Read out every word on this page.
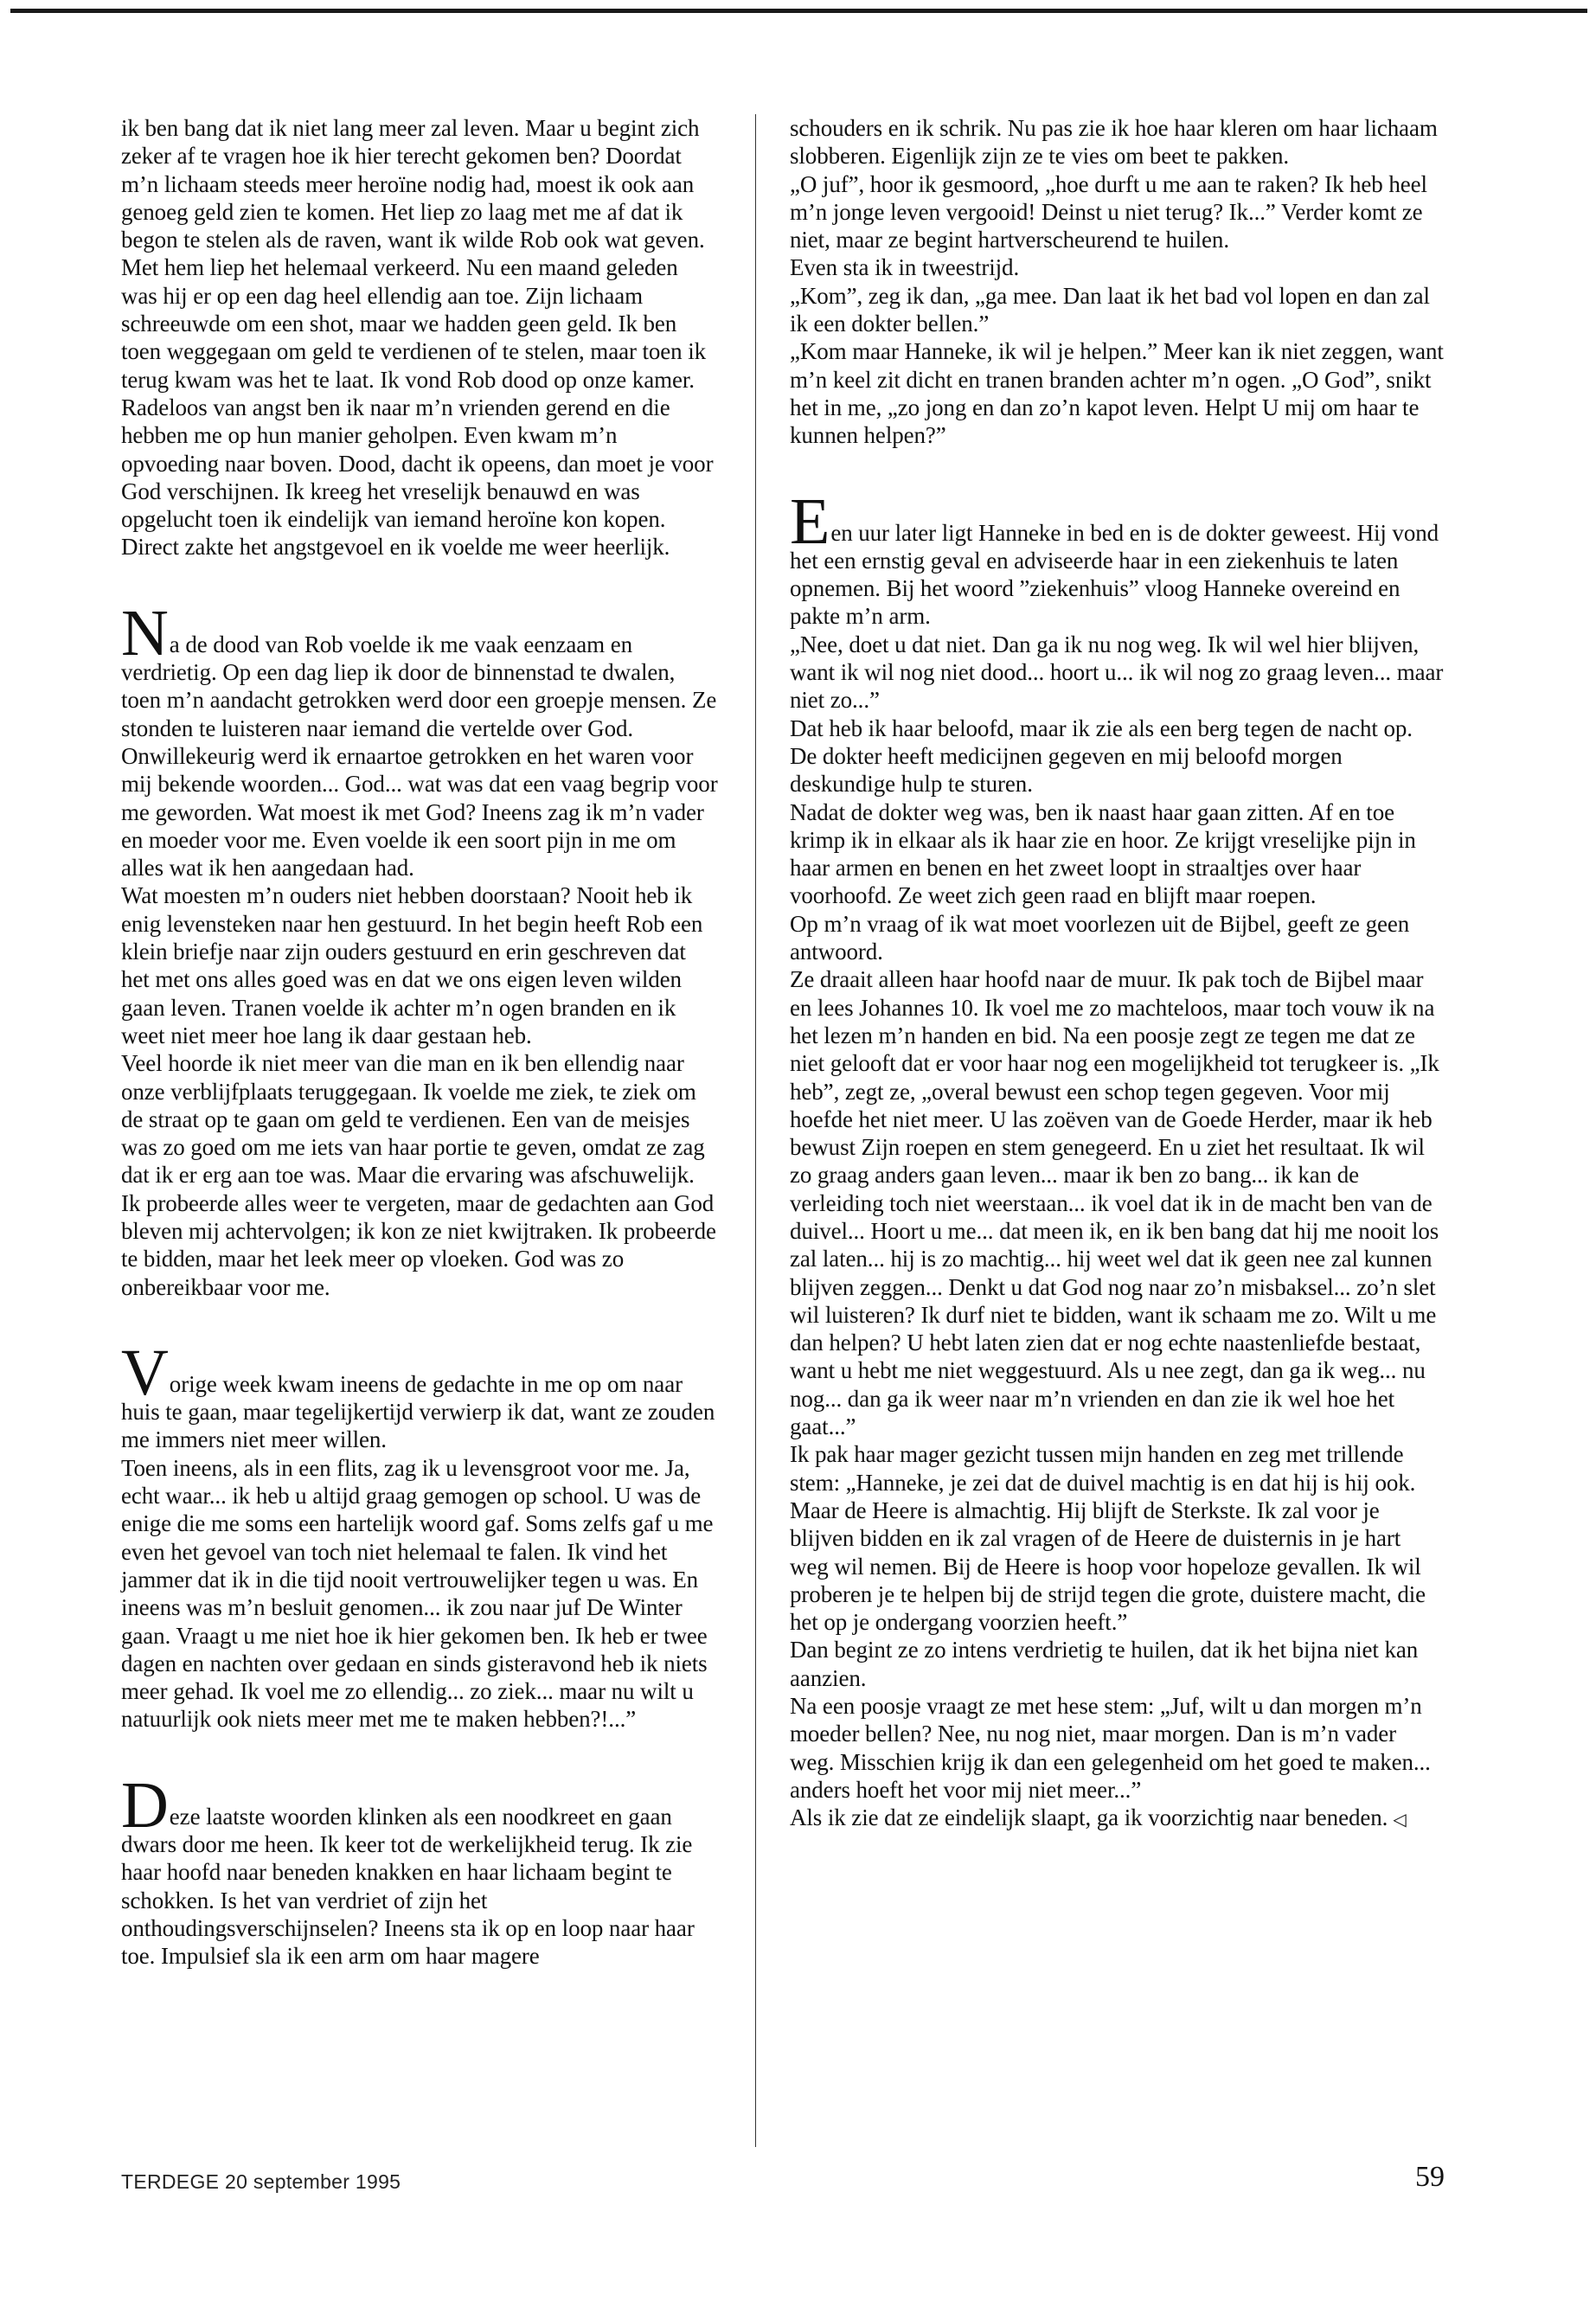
ik ben bang dat ik niet lang meer zal leven. Maar u begint zich zeker af te vragen hoe ik hier terecht gekomen ben? Doordat m’n lichaam steeds meer heroïne nodig had, moest ik ook aan genoeg geld zien te komen. Het liep zo laag met me af dat ik begon te stelen als de raven, want ik wilde Rob ook wat geven. Met hem liep het helemaal verkeerd. Nu een maand geleden was hij er op een dag heel ellendig aan toe. Zijn lichaam schreeuwde om een shot, maar we hadden geen geld. Ik ben toen weggegaan om geld te verdienen of te stelen, maar toen ik terug kwam was het te laat. Ik vond Rob dood op onze kamer. Radeloos van angst ben ik naar m’n vrienden gerend en die hebben me op hun manier geholpen. Even kwam m’n opvoeding naar boven. Dood, dacht ik opeens, dan moet je voor God verschijnen. Ik kreeg het vreselijk benauwd en was opgelucht toen ik eindelijk van iemand heroïne kon kopen. Direct zakte het angstgevoel en ik voelde me weer heerlijk.

Na de dood van Rob voelde ik me vaak eenzaam en verdrietig. Op een dag liep ik door de binnenstad te dwalen, toen m’n aandacht getrokken werd door een groepje mensen. Ze stonden te luisteren naar iemand die vertelde over God. Onwillekeurig werd ik ernaartoe getrokken en het waren voor mij bekende woorden... God... wat was dat een vaag begrip voor me geworden. Wat moest ik met God? Ineens zag ik m’n vader en moeder voor me. Even voelde ik een soort pijn in me om alles wat ik hen aangedaan had.

Wat moesten m’n ouders niet hebben doorstaan? Nooit heb ik enig levensteken naar hen gestuurd. In het begin heeft Rob een klein briefje naar zijn ouders gestuurd en erin geschreven dat het met ons alles goed was en dat we ons eigen leven wilden gaan leven. Tranen voelde ik achter m’n ogen branden en ik weet niet meer hoe lang ik daar gestaan heb.

Veel hoorde ik niet meer van die man en ik ben ellendig naar onze verblijfplaats teruggegaan. Ik voelde me ziek, te ziek om de straat op te gaan om geld te verdienen. Een van de meisjes was zo goed om me iets van haar portie te geven, omdat ze zag dat ik er erg aan toe was. Maar die ervaring was afschuwelijk. Ik probeerde alles weer te vergeten, maar de gedachten aan God bleven mij achtervolgen; ik kon ze niet kwijtraken. Ik probeerde te bidden, maar het leek meer op vloeken. God was zo onbereikbaar voor me.

Vorige week kwam ineens de gedachte in me op om naar huis te gaan, maar tegelijkertijd verwierp ik dat, want ze zouden me immers niet meer willen.

Toen ineens, als in een flits, zag ik u levensgroot voor me. Ja, echt waar... ik heb u altijd graag gemogen op school. U was de enige die me soms een hartelijk woord gaf. Soms zelfs gaf u me even het gevoel van toch niet helemaal te falen. Ik vind het jammer dat ik in die tijd nooit vertrouwelijker tegen u was. En ineens was m’n besluit genomen... ik zou naar juf De Winter gaan. Vraagt u me niet hoe ik hier gekomen ben. Ik heb er twee dagen en nachten over gedaan en sinds gisteravond heb ik niets meer gehad. Ik voel me zo ellendig... zo ziek... maar nu wilt u natuurlijk ook niets meer met me te maken hebben?!...”

Deze laatste woorden klinken als een noodkreet en gaan dwars door me heen. Ik keer tot de werkelijkheid terug. Ik zie haar hoofd naar beneden knakken en haar lichaam begint te schokken. Is het van verdriet of zijn het onthoudingsverschijnselen? Ineens sta ik op en loop naar haar toe. Impulsief sla ik een arm om haar magere

schouders en ik schrik. Nu pas zie ik hoe haar kleren om haar lichaam slobberen. Eigenlijk zijn ze te vies om beet te pakken.

„O juf”, hoor ik gesmoord, „hoe durft u me aan te raken? Ik heb heel m’n jonge leven vergooid! Deinst u niet terug? Ik...” Verder komt ze niet, maar ze begint hartverscheurend te huilen.

Even sta ik in tweestrijd.

„Kom”, zeg ik dan, „ga mee. Dan laat ik het bad vol lopen en dan zal ik een dokter bellen.”

„Kom maar Hanneke, ik wil je helpen.” Meer kan ik niet zeggen, want m’n keel zit dicht en tranen branden achter m’n ogen. „O God”, snikt het in me, „zo jong en dan zo’n kapot leven. Helpt U mij om haar te kunnen helpen?”

Een uur later ligt Hanneke in bed en is de dokter geweest. Hij vond het een ernstig geval en adviseerde haar in een ziekenhuis te laten opnemen. Bij het woord ”ziekenhuis” vloog Hanneke overeind en pakte m’n arm.

„Nee, doet u dat niet. Dan ga ik nu nog weg. Ik wil wel hier blijven, want ik wil nog niet dood... hoort u... ik wil nog zo graag leven... maar niet zo...”

Dat heb ik haar beloofd, maar ik zie als een berg tegen de nacht op. De dokter heeft medicijnen gegeven en mij beloofd morgen deskundige hulp te sturen.

Nadat de dokter weg was, ben ik naast haar gaan zitten. Af en toe krimp ik in elkaar als ik haar zie en hoor. Ze krijgt vreselijke pijn in haar armen en benen en het zweet loopt in straaltjes over haar voorhoofd. Ze weet zich geen raad en blijft maar roepen.

Op m’n vraag of ik wat moet voorlezen uit de Bijbel, geeft ze geen antwoord.

Ze draait alleen haar hoofd naar de muur. Ik pak toch de Bijbel maar en lees Johannes 10. Ik voel me zo machteloos, maar toch vouw ik na het lezen m’n handen en bid. Na een poosje zegt ze tegen me dat ze niet gelooft dat er voor haar nog een mogelijkheid tot terugkeer is. „Ik heb”, zegt ze, „overal bewust een schop tegen gegeven. Voor mij hoefde het niet meer. U las zoëven van de Goede Herder, maar ik heb bewust Zijn roepen en stem genegeerd. En u ziet het resultaat. Ik wil zo graag anders gaan leven... maar ik ben zo bang... ik kan de verleiding toch niet weerstaan... ik voel dat ik in de macht ben van de duivel... Hoort u me... dat meen ik, en ik ben bang dat hij me nooit los zal laten... hij is zo machtig... hij weet wel dat ik geen nee zal kunnen blijven zeggen... Denkt u dat God nog naar zo’n misbaksel... zo’n slet wil luisteren? Ik durf niet te bidden, want ik schaam me zo. Wilt u me dan helpen? U hebt laten zien dat er nog echte naastenliefde bestaat, want u hebt me niet weggestuurd. Als u nee zegt, dan ga ik weg... nu nog... dan ga ik weer naar m’n vrienden en dan zie ik wel hoe het gaat...”

Ik pak haar mager gezicht tussen mijn handen en zeg met trillende stem: „Hanneke, je zei dat de duivel machtig is en dat hij is hij ook. Maar de Heere is almachtig. Hij blijft de Sterkste. Ik zal voor je blijven bidden en ik zal vragen of de Heere de duisternis in je hart weg wil nemen. Bij de Heere is hoop voor hopeloze gevallen. Ik wil proberen je te helpen bij de strijd tegen die grote, duistere macht, die het op je ondergang voorzien heeft.”

Dan begint ze zo intens verdrietig te huilen, dat ik het bijna niet kan aanzien.

Na een poosje vraagt ze met hese stem: „Juf, wilt u dan morgen m’n moeder bellen? Nee, nu nog niet, maar morgen. Dan is m’n vader weg. Misschien krijg ik dan een gelegenheid om het goed te maken... anders hoeft het voor mij niet meer...”

Als ik zie dat ze eindelijk slaapt, ga ik voorzichtig naar beneden. ◁

TERDEGE 20 september 1995	59
